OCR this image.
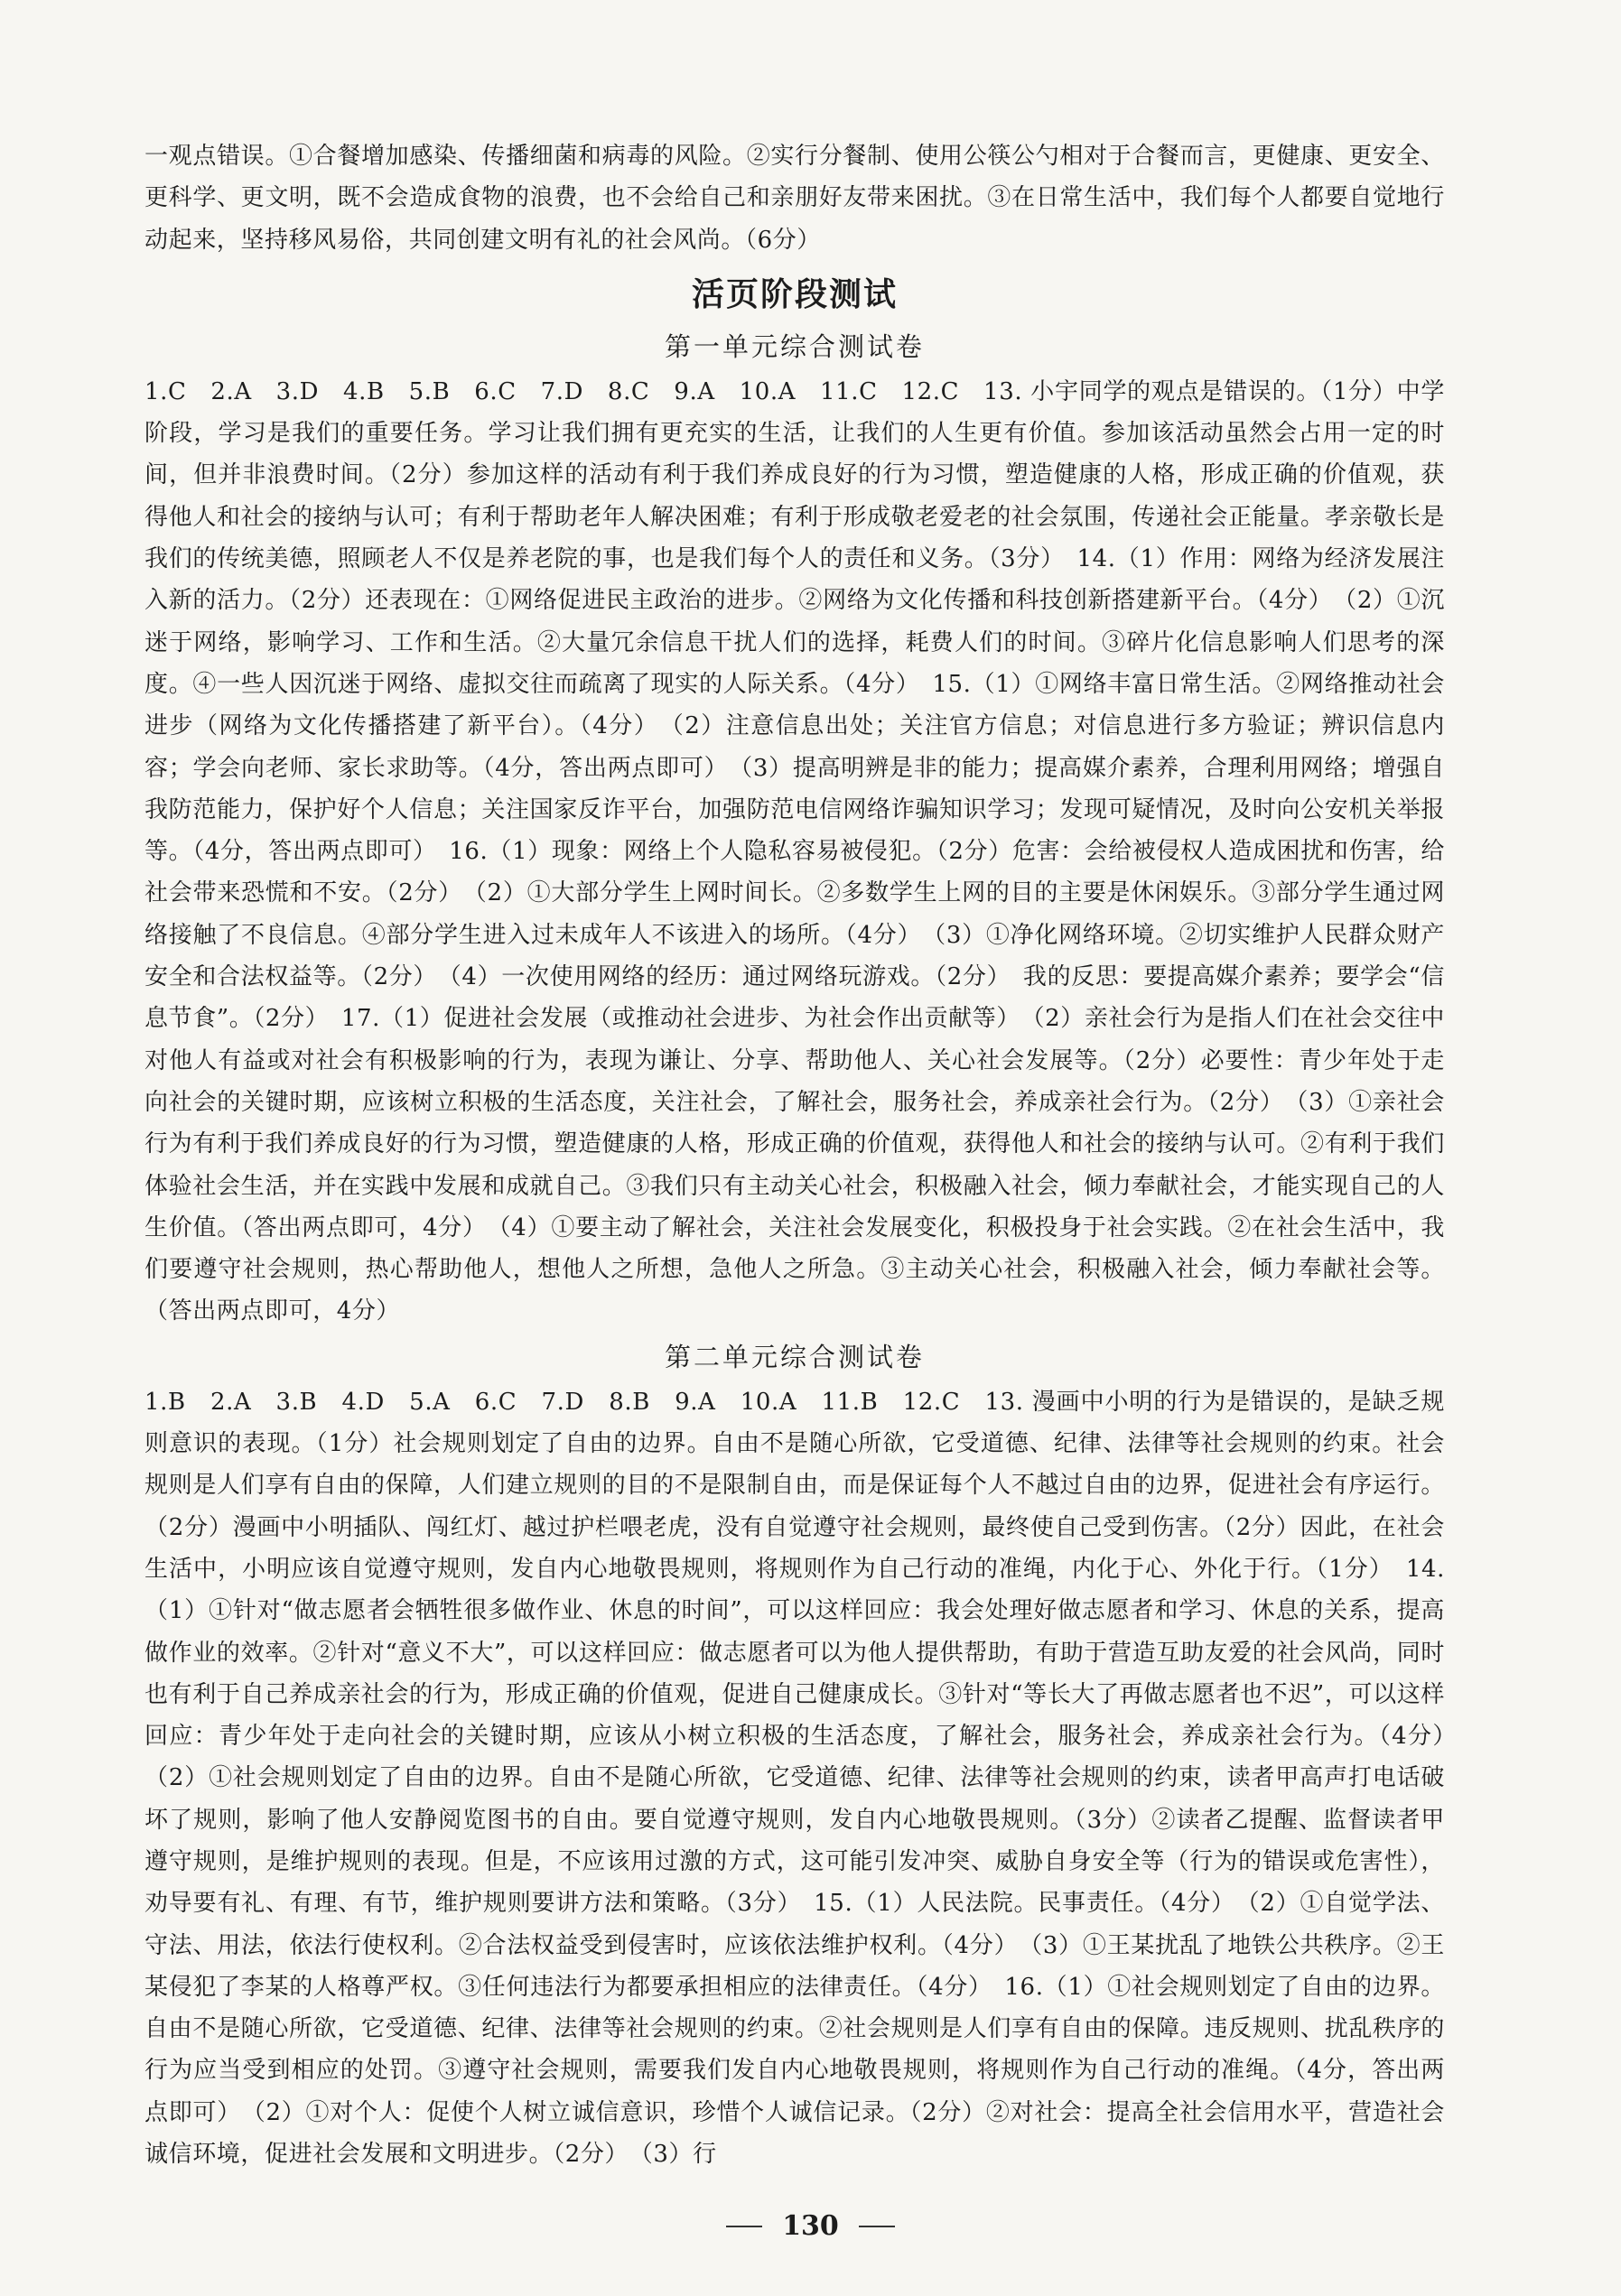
一观点错误。①合餐增加感染、传播细菌和病毒的风险。②实行分餐制、使用公筷公勺相对于合餐而言，更健康、更安全、更科学、更文明，既不会造成食物的浪费，也不会给自己和亲朋好友带来困扰。③在日常生活中，我们每个人都要自觉地行动起来，坚持移风易俗，共同创建文明有礼的社会风尚。（6分）

活页阶段测试
第一单元综合测试卷

1.C　2.A　3.D　4.B　5.B　6.C　7.D　8.C　9.A　10.A　11.C　12.C　13. 小宇同学的观点是错误的。（1分）中学阶段，学习是我们的重要任务。学习让我们拥有更充实的生活，让我们的人生更有价值。参加该活动虽然会占用一定的时间，但并非浪费时间。（2分）参加这样的活动有利于我们养成良好的行为习惯，塑造健康的人格，形成正确的价值观，获得他人和社会的接纳与认可；有利于帮助老年人解决困难；有利于形成敬老爱老的社会氛围，传递社会正能量。孝亲敬长是我们的传统美德，照顾老人不仅是养老院的事，也是我们每个人的责任和义务。（3分）　14.（1）作用：网络为经济发展注入新的活力。（2分）还表现在：①网络促进民主政治的进步。②网络为文化传播和科技创新搭建新平台。（4分）　（2）①沉迷于网络，影响学习、工作和生活。②大量冗余信息干扰人们的选择，耗费人们的时间。③碎片化信息影响人们思考的深度。④一些人因沉迷于网络、虚拟交往而疏离了现实的人际关系。（4分）　15.（1）①网络丰富日常生活。②网络推动社会进步（网络为文化传播搭建了新平台）。（4分）　（2）注意信息出处；关注官方信息；对信息进行多方验证；辨识信息内容；学会向老师、家长求助等。（4分，答出两点即可）　（3）提高明辨是非的能力；提高媒介素养，合理利用网络；增强自我防范能力，保护好个人信息；关注国家反诈平台，加强防范电信网络诈骗知识学习；发现可疑情况，及时向公安机关举报等。（4分，答出两点即可）　16.（1）现象：网络上个人隐私容易被侵犯。（2分）危害：会给被侵权人造成困扰和伤害，给社会带来恐慌和不安。（2分）　（2）①大部分学生上网时间长。②多数学生上网的目的主要是休闲娱乐。③部分学生通过网络接触了不良信息。④部分学生进入过未成年人不该进入的场所。（4分）　（3）①净化网络环境。②切实维护人民群众财产安全和合法权益等。（2分）　（4）一次使用网络的经历：通过网络玩游戏。（2分）　我的反思：要提高媒介素养；要学会“信息节食”。（2分）　17.（1）促进社会发展（或推动社会进步、为社会作出贡献等）　（2）亲社会行为是指人们在社会交往中对他人有益或对社会有积极影响的行为，表现为谦让、分享、帮助他人、关心社会发展等。（2分）必要性：青少年处于走向社会的关键时期，应该树立积极的生活态度，关注社会，了解社会，服务社会，养成亲社会行为。（2分）　（3）①亲社会行为有利于我们养成良好的行为习惯，塑造健康的人格，形成正确的价值观，获得他人和社会的接纳与认可。②有利于我们体验社会生活，并在实践中发展和成就自己。③我们只有主动关心社会，积极融入社会，倾力奉献社会，才能实现自己的人生价值。（答出两点即可，4分）　（4）①要主动了解社会，关注社会发展变化，积极投身于社会实践。②在社会生活中，我们要遵守社会规则，热心帮助他人，想他人之所想，急他人之所急。③主动关心社会，积极融入社会，倾力奉献社会等。（答出两点即可，4分）

第二单元综合测试卷

1.B　2.A　3.B　4.D　5.A　6.C　7.D　8.B　9.A　10.A　11.B　12.C　13. 漫画中小明的行为是错误的，是缺乏规则意识的表现。（1分）社会规则划定了自由的边界。自由不是随心所欲，它受道德、纪律、法律等社会规则的约束。社会规则是人们享有自由的保障，人们建立规则的目的不是限制自由，而是保证每个人不越过自由的边界，促进社会有序运行。（2分）漫画中小明插队、闯红灯、越过护栏喂老虎，没有自觉遵守社会规则，最终使自己受到伤害。（2分）因此，在社会生活中，小明应该自觉遵守规则，发自内心地敬畏规则，将规则作为自己行动的准绳，内化于心、外化于行。（1分）　14.（1）①针对“做志愿者会牺牲很多做作业、休息的时间”，可以这样回应：我会处理好做志愿者和学习、休息的关系，提高做作业的效率。②针对“意义不大”，可以这样回应：做志愿者可以为他人提供帮助，有助于营造互助友爱的社会风尚，同时也有利于自己养成亲社会的行为，形成正确的价值观，促进自己健康成长。③针对“等长大了再做志愿者也不迟”，可以这样回应：青少年处于走向社会的关键时期，应该从小树立积极的生活态度，了解社会，服务社会，养成亲社会行为。（4分）　（2）①社会规则划定了自由的边界。自由不是随心所欲，它受道德、纪律、法律等社会规则的约束，读者甲高声打电话破坏了规则，影响了他人安静阅览图书的自由。要自觉遵守规则，发自内心地敬畏规则。（3分）②读者乙提醒、监督读者甲遵守规则，是维护规则的表现。但是，不应该用过激的方式，这可能引发冲突、威胁自身安全等（行为的错误或危害性），劝导要有礼、有理、有节，维护规则要讲方法和策略。（3分）　15.（1）人民法院。民事责任。（4分）　（2）①自觉学法、守法、用法，依法行使权利。②合法权益受到侵害时，应该依法维护权利。（4分）　（3）①王某扰乱了地铁公共秩序。②王某侵犯了李某的人格尊严权。③任何违法行为都要承担相应的法律责任。（4分）　16.（1）①社会规则划定了自由的边界。自由不是随心所欲，它受道德、纪律、法律等社会规则的约束。②社会规则是人们享有自由的保障。违反规则、扰乱秩序的行为应当受到相应的处罚。③遵守社会规则，需要我们发自内心地敬畏规则，将规则作为自己行动的准绳。（4分，答出两点即可）　（2）①对个人：促使个人树立诚信意识，珍惜个人诚信记录。（2分）②对社会：提高全社会信用水平，营造社会诚信环境，促进社会发展和文明进步。（2分）　（3）行

130
